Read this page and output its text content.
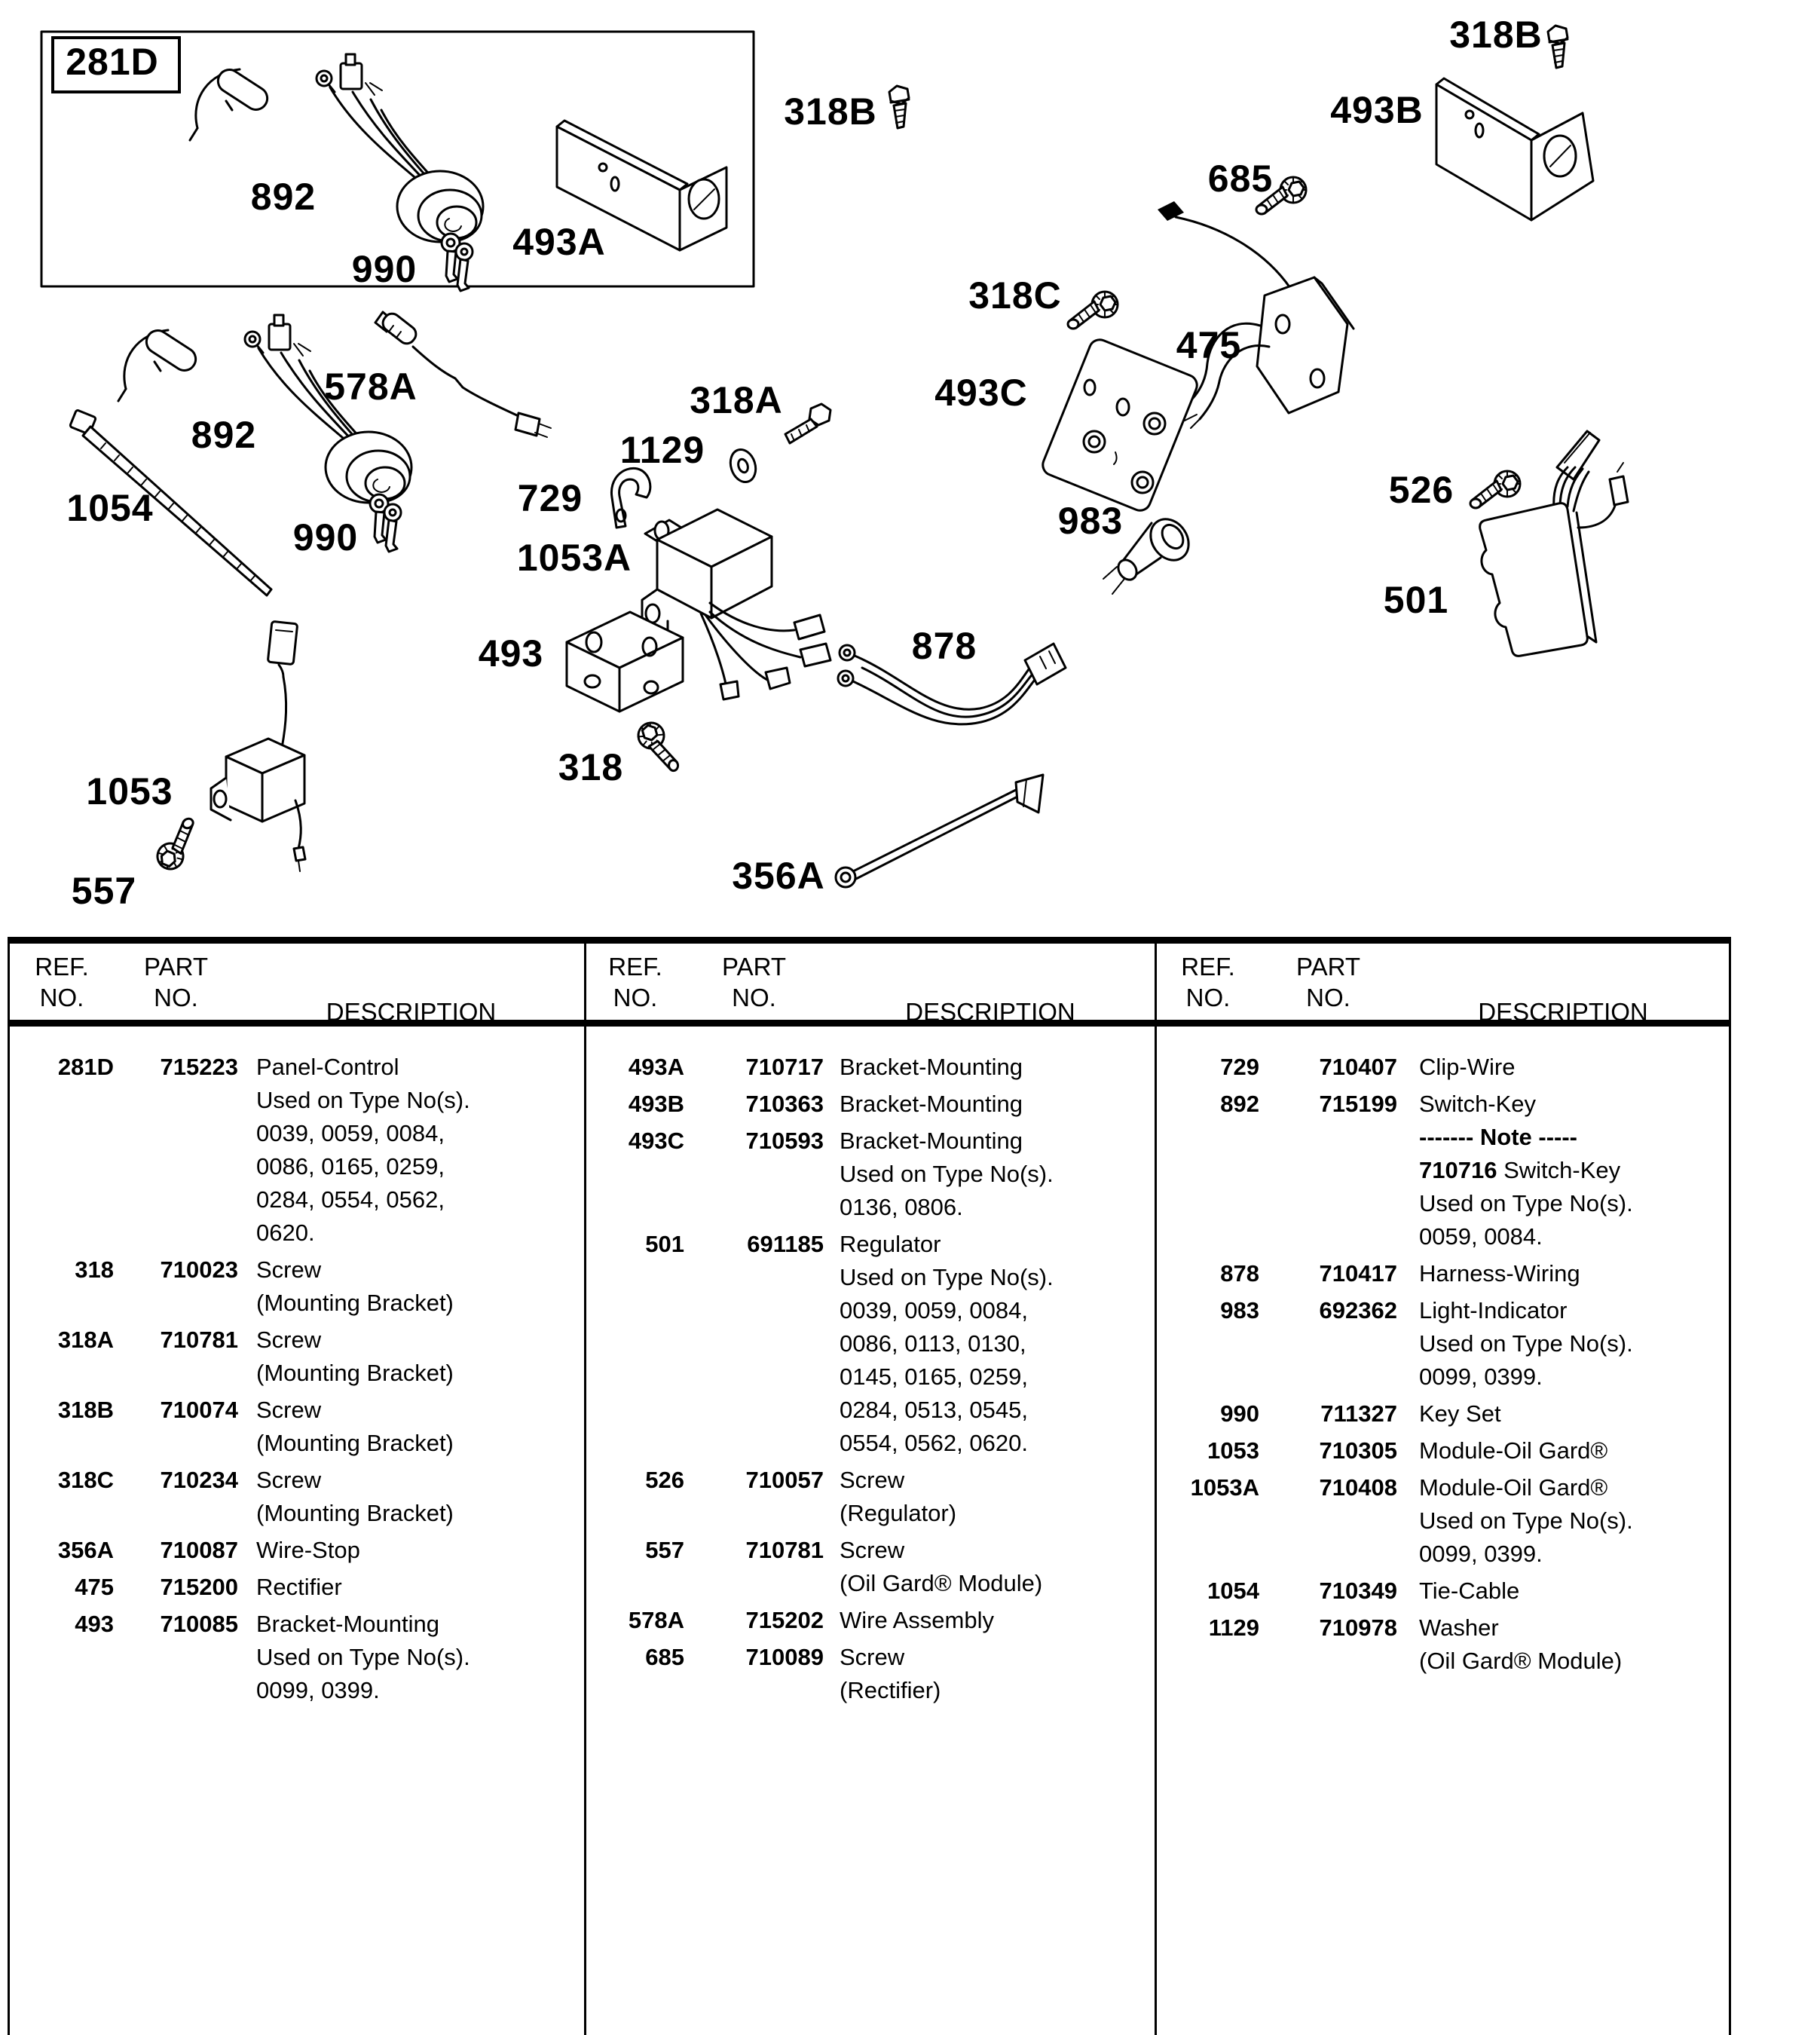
281D
892
990
493A
318B
318B
493B
685
318C
475
493C
578A
892
1054
990
318A
1129
729
1053A
493
318
878
983
526
501
356A
1053
557
REF.
NO.
PART
NO.
DESCRIPTION
281D	715223 Panel-Control
Used on Type No(s).
0039, 0059, 0084,
0086, 0165, 0259,
0284, 0554, 0562,
0620.
318	710023 Screw
(Mounting Bracket)
318A	710781 Screw
(Mounting Bracket)
318B	710074 Screw
(Mounting Bracket)
318C	710234 Screw
(Mounting Bracket)
356A	710087 Wire-Stop
475	715200 Rectifier
493	710085 Bracket-Mounting
Used on Type No(s).
0099, 0399.
REF.
NO.
PART
NO.
DESCRIPTION
493A	710717 Bracket-Mounting
493B	710363 Bracket-Mounting
493C	710593 Bracket-Mounting
Used on Type No(s).
0136, 0806.
501	691185 Regulator
Used on Type No(s).
0039, 0059, 0084,
0086, 0113, 0130,
0145, 0165, 0259,
0284, 0513, 0545,
0554, 0562, 0620.
526	710057 Screw
(Regulator)
557	710781 Screw
(Oil Gard® Module)
578A	715202 Wire Assembly
685	710089 Screw
(Rectifier)
REF.
NO.
PART
NO.
DESCRIPTION
729	710407 Clip-Wire
892	715199 Switch-Key
------- Note -----
710716 Switch-Key
Used on Type No(s).
0059, 0084.
878	710417 Harness-Wiring
983	692362 Light-Indicator
Used on Type No(s).
0099, 0399.
990	711327 Key Set
1053	710305 Module-Oil Gard®
1053A	710408 Module-Oil Gard®
Used on Type No(s).
0099, 0399.
1054	710349 Tie-Cable
1129	710978 Washer
(Oil Gard® Module)
